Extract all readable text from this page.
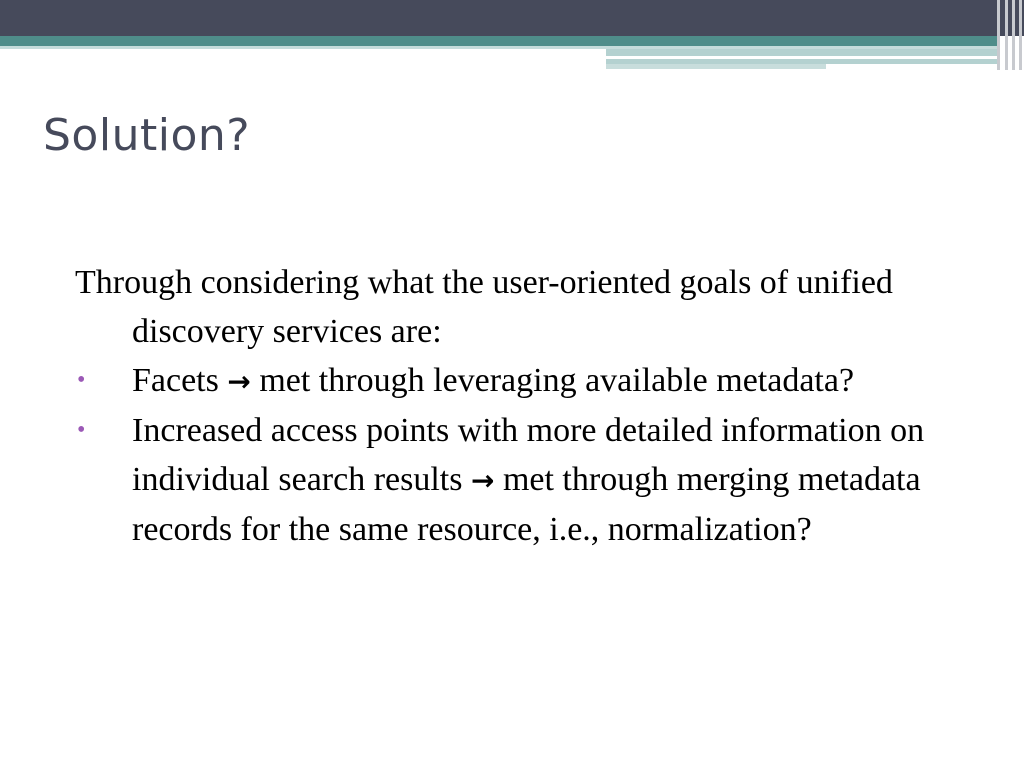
Solution?

Through considering what the user-oriented goals of unified discovery services are:

• Facets → met through leveraging available metadata?

• Increased access points with more detailed information on individual search results → met through merging metadata records for the same resource, i.e., normalization?
